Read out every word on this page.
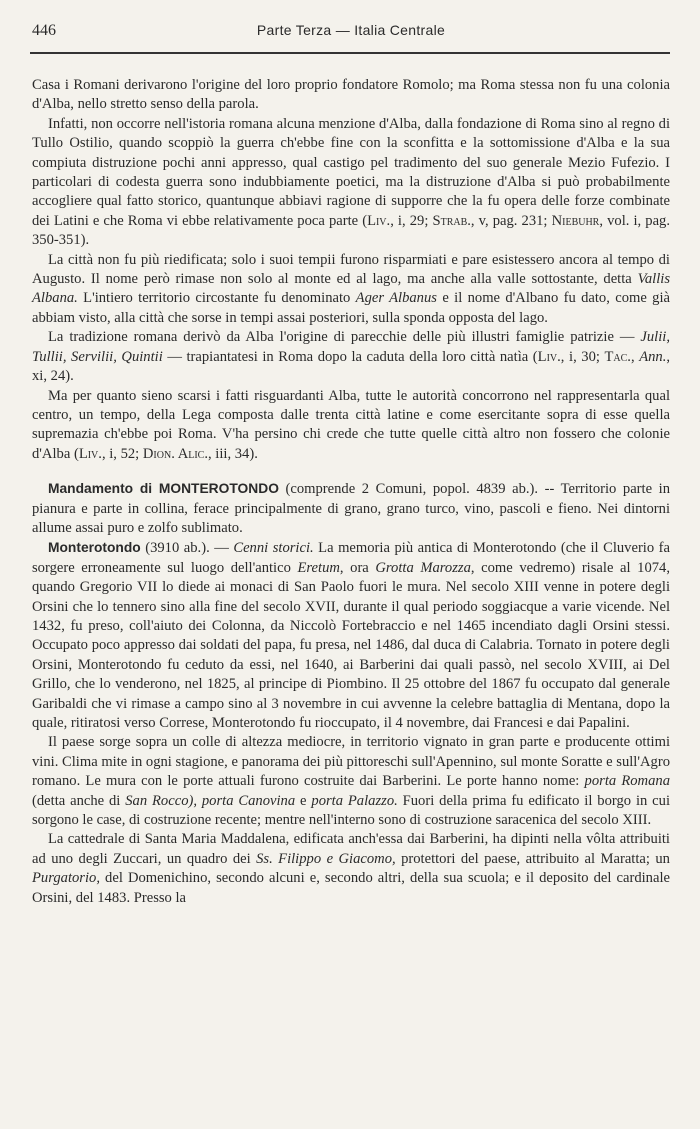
446	Parte Terza — Italia Centrale

Casa i Romani derivarono l'origine del loro proprio fondatore Romolo; ma Roma stessa non fu una colonia d'Alba, nello stretto senso della parola.

Infatti, non occorre nell'istoria romana alcuna menzione d'Alba, dalla fondazione di Roma sino al regno di Tullo Ostilio, quando scoppiò la guerra ch'ebbe fine con la sconfitta e la sottomissione d'Alba e la sua compiuta distruzione pochi anni appresso, qual castigo pel tradimento del suo generale Mezio Fufezio. I particolari di codesta guerra sono indubbiamente poetici, ma la distruzione d'Alba si può probabilmente accogliere qual fatto storico, quantunque abbiavi ragione di supporre che la fu opera delle forze combinate dei Latini e che Roma vi ebbe relativamente poca parte (Liv., i, 29; Strab., v, pag. 231; Niebuhr, vol. i, pag. 350-351).

La città non fu più riedificata; solo i suoi tempii furono risparmiati e pare esistessero ancora al tempo di Augusto. Il nome però rimase non solo al monte ed al lago, ma anche alla valle sottostante, detta Vallis Albana. L'intiero territorio circostante fu denominato Ager Albanus e il nome d'Albano fu dato, come già abbiam visto, alla città che sorse in tempi assai posteriori, sulla sponda opposta del lago.

La tradizione romana derivò da Alba l'origine di parecchie delle più illustri famiglie patrizie — Julii, Tullii, Servilii, Quintii — trapiantatesi in Roma dopo la caduta della loro città natìa (Liv., i, 30; Tac., Ann., xi, 24).

Ma per quanto sieno scarsi i fatti risguardanti Alba, tutte le autorità concorrono nel rappresentarla qual centro, un tempo, della Lega composta dalle trenta città latine e come esercitante sopra di esse quella supremazia ch'ebbe poi Roma. V'ha persino chi crede che tutte quelle città altro non fossero che colonie d'Alba (Liv., i, 52; Dion. Alic., iii, 34).

Mandamento di MONTEROTONDO (comprende 2 Comuni, popol. 4839 ab.). -- Territorio parte in pianura e parte in collina, ferace principalmente di grano, grano turco, vino, pascoli e fieno. Nei dintorni allume assai puro e zolfo sublimato.

Monterotondo (3910 ab.). — Cenni storici. La memoria più antica di Monterotondo (che il Cluverio fa sorgere erroneamente sul luogo dell'antico Eretum, ora Grotta Marozza, come vedremo) risale al 1074, quando Gregorio VII lo diede ai monaci di San Paolo fuori le mura. Nel secolo XIII venne in potere degli Orsini che lo tennero sino alla fine del secolo XVII, durante il qual periodo soggiacque a varie vicende. Nel 1432, fu preso, coll'aiuto dei Colonna, da Niccolò Fortebraccio e nel 1465 incendiato dagli Orsini stessi. Occupato poco appresso dai soldati del papa, fu presa, nel 1486, dal duca di Calabria. Tornato in potere degli Orsini, Monterotondo fu ceduto da essi, nel 1640, ai Barberini dai quali passò, nel secolo XVIII, ai Del Grillo, che lo venderono, nel 1825, al principe di Piombino. Il 25 ottobre del 1867 fu occupato dal generale Garibaldi che vi rimase a campo sino al 3 novembre in cui avvenne la celebre battaglia di Mentana, dopo la quale, ritiratosi verso Correse, Monterotondo fu rioccupato, il 4 novembre, dai Francesi e dai Papalini.

Il paese sorge sopra un colle di altezza mediocre, in territorio vignato in gran parte e producente ottimi vini. Clima mite in ogni stagione, e panorama dei più pittoreschi sull'Apennino, sul monte Soratte e sull'Agro romano. Le mura con le porte attuali furono costruite dai Barberini. Le porte hanno nome: porta Romana (detta anche di San Rocco), porta Canovina e porta Palazzo. Fuori della prima fu edificato il borgo in cui sorgono le case, di costruzione recente; mentre nell'interno sono di costruzione saracenica del secolo XIII.

La cattedrale di Santa Maria Maddalena, edificata anch'essa dai Barberini, ha dipinti nella vôlta attribuiti ad uno degli Zuccari, un quadro dei Ss. Filippo e Giacomo, protettori del paese, attribuito al Maratta; un Purgatorio, del Domenichino, secondo alcuni e, secondo altri, della sua scuola; e il deposito del cardinale Orsini, del 1483. Presso la
